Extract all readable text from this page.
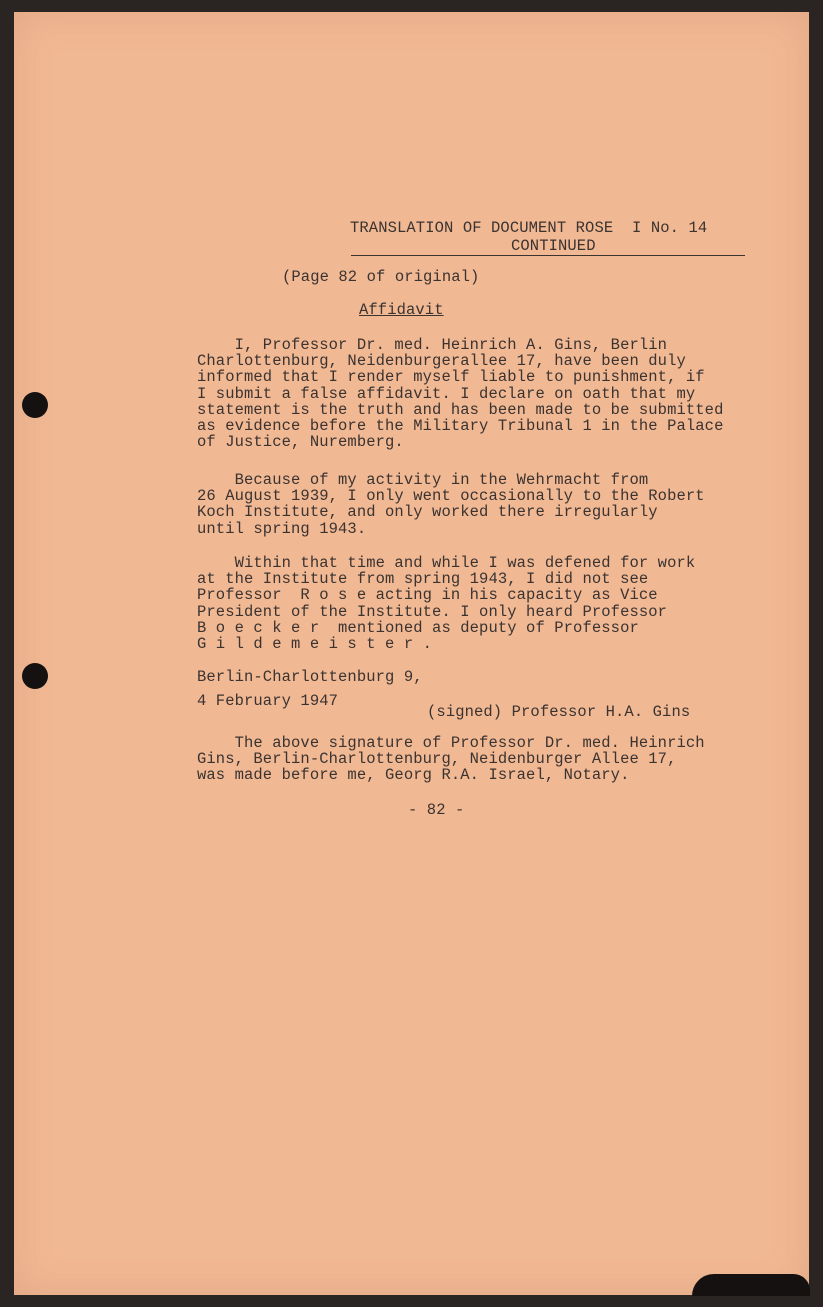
TRANSLATION OF DOCUMENT ROSE  I No. 14
CONTINUED
(Page 82 of original)
Affidavit
I, Professor Dr. med. Heinrich A. Gins, Berlin
Charlottenburg, Neidenburgerallee 17, have been duly
informed that I render myself liable to punishment, if
I submit a false affidavit. I declare on oath that my
statement is the truth and has been made to be submitted
as evidence before the Military Tribunal 1 in the Palace
of Justice, Nuremberg.
Because of my activity in the Wehrmacht from
26 August 1939, I only went occasionally to the Robert
Koch Institute, and only worked there irregularly
until spring 1943.
Within that time and while I was defened for work
at the Institute from spring 1943, I did not see
Professor  R o s e acting in his capacity as Vice
President of the Institute. I only heard Professor
B o e c k e r  mentioned as deputy of Professor
G i l d e m e i s t e r .
Berlin-Charlottenburg 9,
4 February 1947
(signed) Professor H.A. Gins
The above signature of Professor Dr. med. Heinrich
Gins, Berlin-Charlottenburg, Neidenburger Allee 17,
was made before me, Georg R.A. Israel, Notary.
- 82 -
